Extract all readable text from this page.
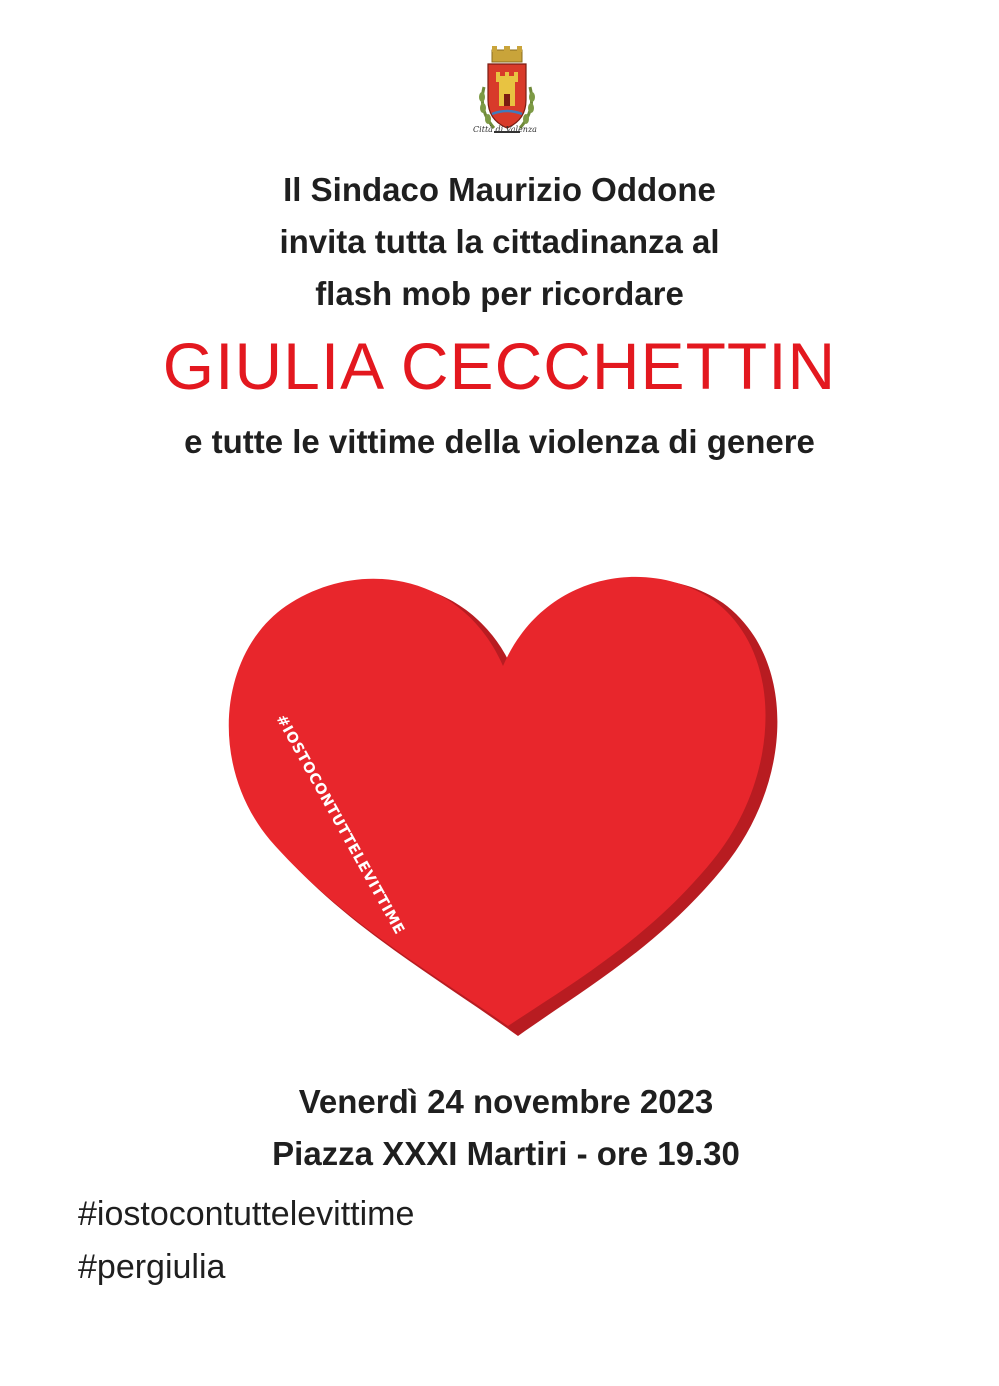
Città di Valenza
Il Sindaco Maurizio Oddone
invita tutta la cittadinanza al
flash mob per ricordare
GIULIA CECCHETTIN
e tutte le vittime della violenza di genere
#IOSTOCONTUTTELEVITTIME
Venerdì 24 novembre 2023
Piazza XXXI Martiri - ore 19.30
#iostocontuttelevittime
#pergiulia
